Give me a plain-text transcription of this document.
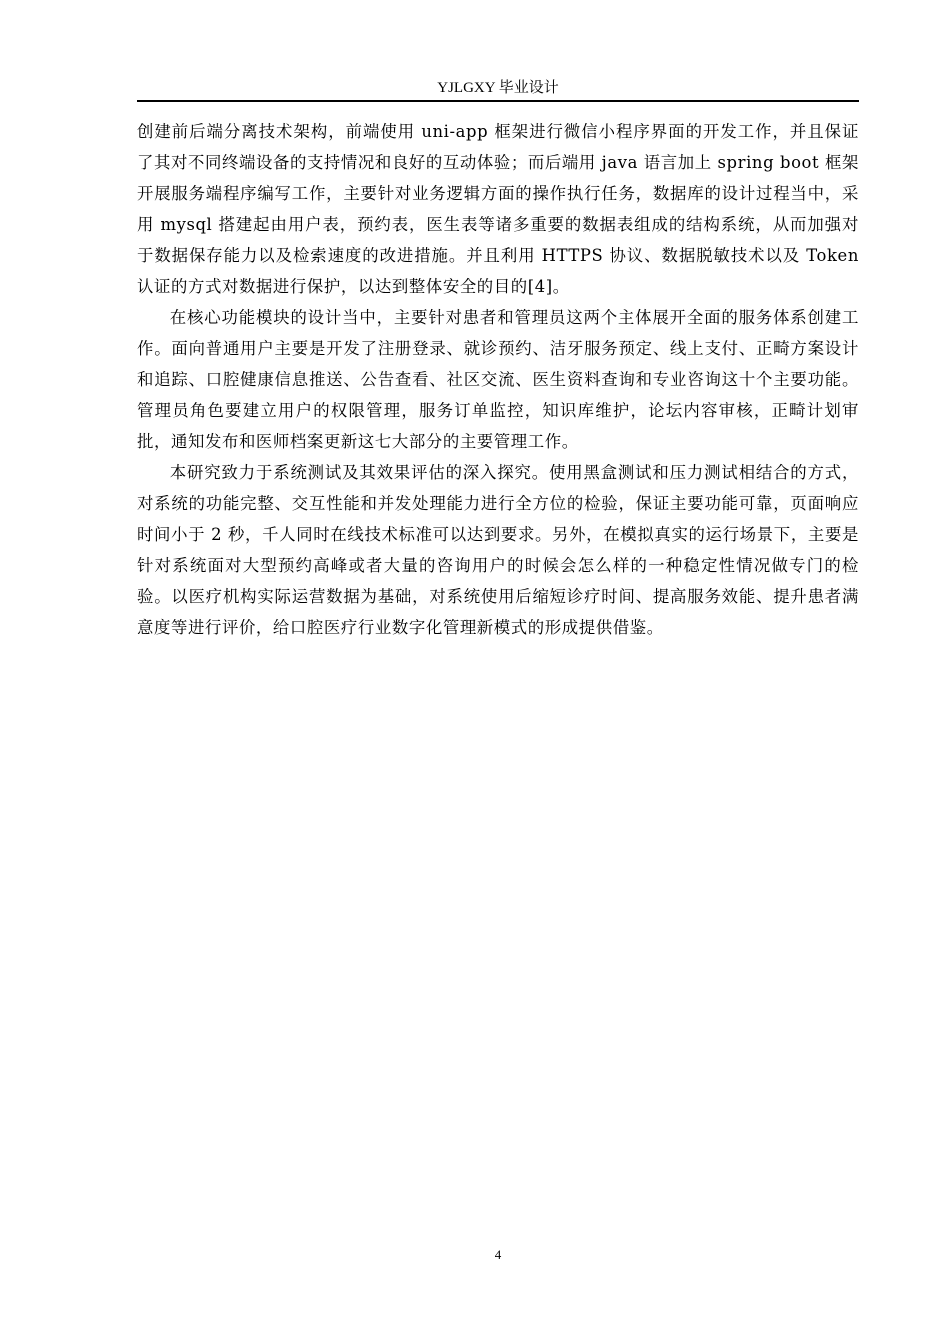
YJLGXY 毕业设计

创建前后端分离技术架构，前端使用 uni-app 框架进行微信小程序界面的开发工作，并且保证了其对不同终端设备的支持情况和良好的互动体验；而后端用 java 语言加上 spring boot 框架开展服务端程序编写工作，主要针对业务逻辑方面的操作执行任务，数据库的设计过程当中，采用 mysql 搭建起由用户表，预约表，医生表等诸多重要的数据表组成的结构系统，从而加强对于数据保存能力以及检索速度的改进措施。并且利用 HTTPS 协议、数据脱敏技术以及 Token 认证的方式对数据进行保护，以达到整体安全的目的[4]。

在核心功能模块的设计当中，主要针对患者和管理员这两个主体展开全面的服务体系创建工作。面向普通用户主要是开发了注册登录、就诊预约、洁牙服务预定、线上支付、正畸方案设计和追踪、口腔健康信息推送、公告查看、社区交流、医生资料查询和专业咨询这十个主要功能。管理员角色要建立用户的权限管理，服务订单监控，知识库维护，论坛内容审核，正畸计划审批，通知发布和医师档案更新这七大部分的主要管理工作。

本研究致力于系统测试及其效果评估的深入探究。使用黑盒测试和压力测试相结合的方式，对系统的功能完整、交互性能和并发处理能力进行全方位的检验，保证主要功能可靠，页面响应时间小于 2 秒，千人同时在线技术标准可以达到要求。另外，在模拟真实的运行场景下，主要是针对系统面对大型预约高峰或者大量的咨询用户的时候会怎么样的一种稳定性情况做专门的检验。以医疗机构实际运营数据为基础，对系统使用后缩短诊疗时间、提高服务效能、提升患者满意度等进行评价，给口腔医疗行业数字化管理新模式的形成提供借鉴。

4
